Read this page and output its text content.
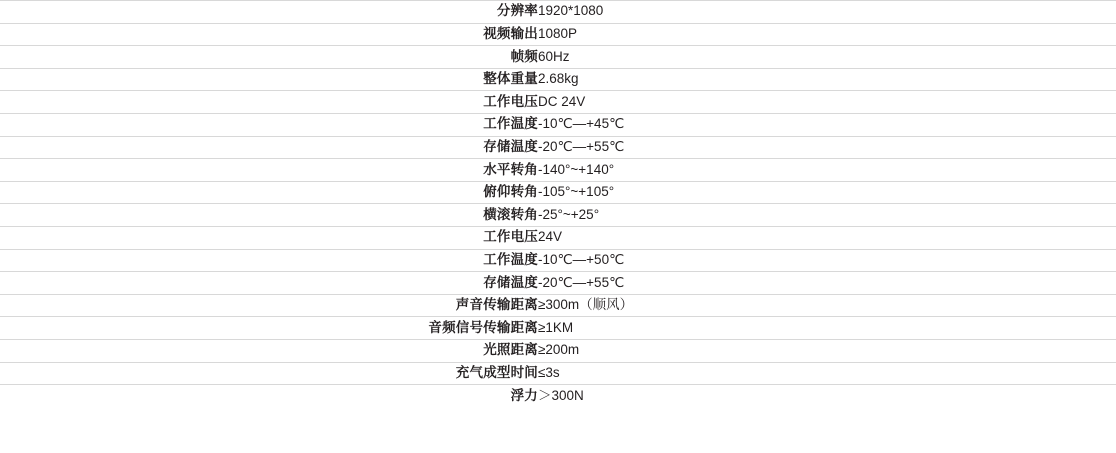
分辨率	1920*1080
视频输出	1080P
帧频	60Hz
整体重量	2.68kg
工作电压	DC 24V
工作温度	-10℃—+45℃
存储温度	-20℃—+55℃
水平转角	-140°~+140°
俯仰转角	-105°~+105°
横滚转角	-25°~+25°
工作电压	24V
工作温度	-10℃—+50℃
存储温度	-20℃—+55℃
声音传输距离	≥300m（顺风）
音频信号传输距离	≥1KM
光照距离	≥200m
充气成型时间	≤3s
浮力	＞300N
